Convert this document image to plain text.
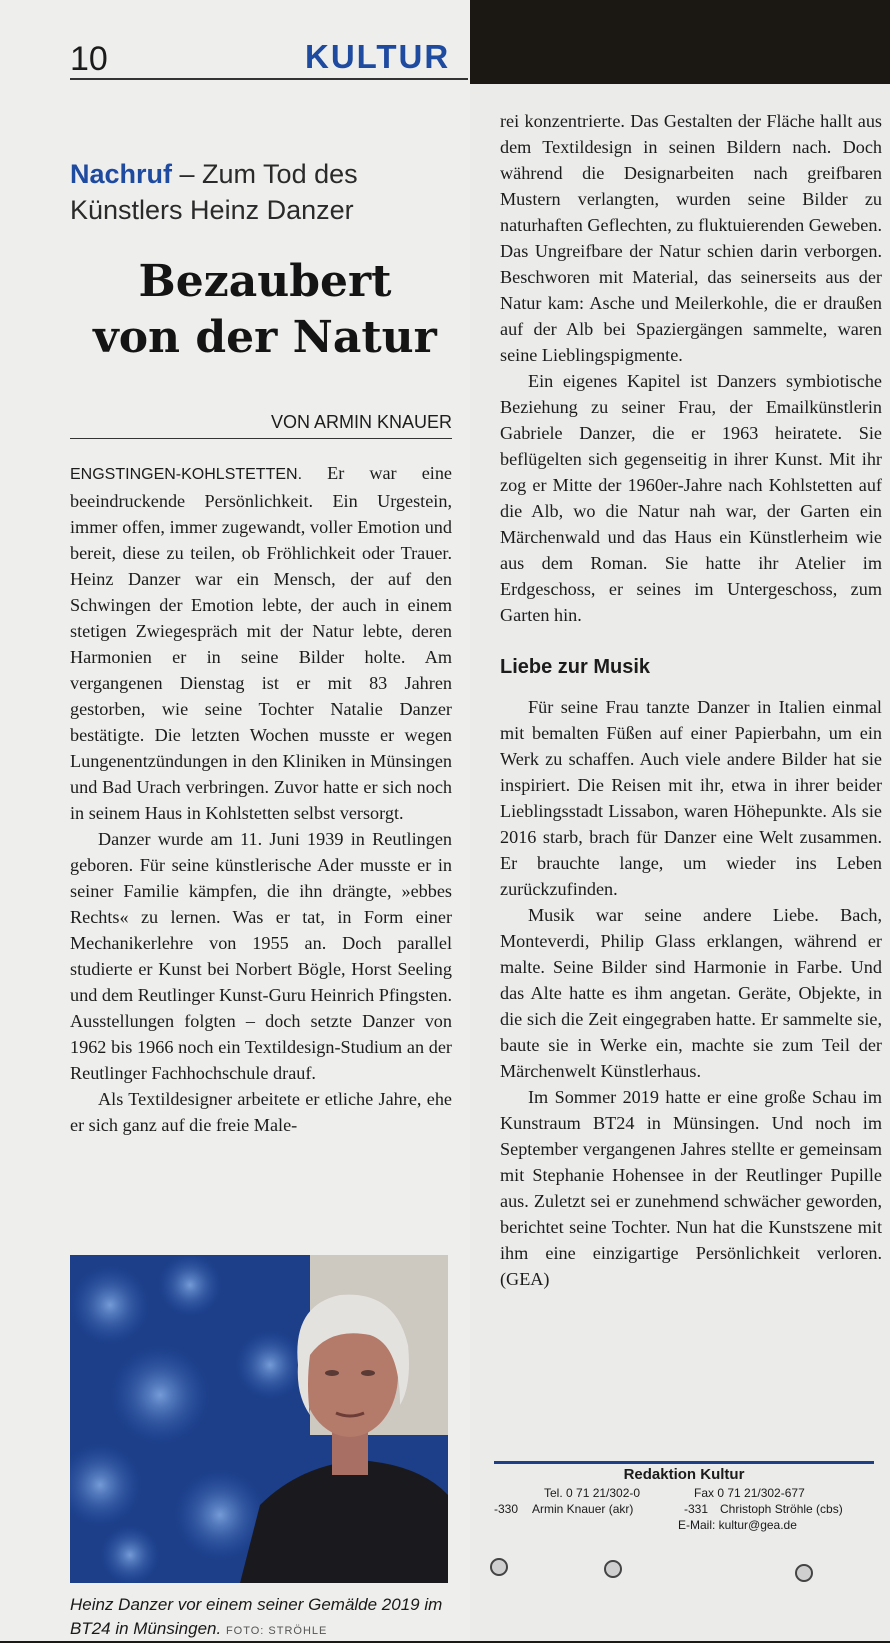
10	KULTUR
Nachruf – Zum Tod des Künstlers Heinz Danzer
Bezaubert
von der Natur
VON ARMIN KNAUER

ENGSTINGEN-KOHLSTETTEN. Er war eine beeindruckende Persönlichkeit. Ein Urgestein, immer offen, immer zugewandt, voller Emotion und bereit, diese zu teilen, ob Fröhlichkeit oder Trauer. Heinz Danzer war ein Mensch, der auf den Schwingen der Emotion lebte, der auch in einem stetigen Zwiegespräch mit der Natur lebte, deren Harmonien er in seine Bilder holte. Am vergangenen Dienstag ist er mit 83 Jahren gestorben, wie seine Tochter Natalie Danzer bestätigte. Die letzten Wochen musste er wegen Lungenentzündungen in den Kliniken in Münsingen und Bad Urach verbringen. Zuvor hatte er sich noch in seinem Haus in Kohlstetten selbst versorgt.

Danzer wurde am 11. Juni 1939 in Reutlingen geboren. Für seine künstlerische Ader musste er in seiner Familie kämpfen, die ihn drängte, »ebbes Rechts« zu lernen. Was er tat, in Form einer Mechanikerlehre von 1955 an. Doch parallel studierte er Kunst bei Norbert Bögle, Horst Seeling und dem Reutlinger Kunst-Guru Heinrich Pfingsten. Ausstellungen folgten – doch setzte Danzer von 1962 bis 1966 noch ein Textildesign-Studium an der Reutlinger Fachhochschule drauf.

Als Textildesigner arbeitete er etliche Jahre, ehe er sich ganz auf die freie Male-

rei konzentrierte. Das Gestalten der Fläche hallt aus dem Textildesign in seinen Bildern nach. Doch während die Designarbeiten nach greifbaren Mustern verlangten, wurden seine Bilder zu naturhaften Geflechten, zu fluktuierenden Geweben. Das Ungreifbare der Natur schien darin verborgen. Beschworen mit Material, das seinerseits aus der Natur kam: Asche und Meilerkohle, die er draußen auf der Alb bei Spaziergängen sammelte, waren seine Lieblingspigmente.

Ein eigenes Kapitel ist Danzers symbiotische Beziehung zu seiner Frau, der Emailkünstlerin Gabriele Danzer, die er 1963 heiratete. Sie beflügelten sich gegenseitig in ihrer Kunst. Mit ihr zog er Mitte der 1960er-Jahre nach Kohlstetten auf die Alb, wo die Natur nah war, der Garten ein Märchenwald und das Haus ein Künstlerheim wie aus dem Roman. Sie hatte ihr Atelier im Erdgeschoss, er seines im Untergeschoss, zum Garten hin.

Liebe zur Musik

Für seine Frau tanzte Danzer in Italien einmal mit bemalten Füßen auf einer Papierbahn, um ein Werk zu schaffen. Auch viele andere Bilder hat sie inspiriert. Die Reisen mit ihr, etwa in ihrer beider Lieblingsstadt Lissabon, waren Höhepunkte. Als sie 2016 starb, brach für Danzer eine Welt zusammen. Er brauchte lange, um wieder ins Leben zurückzufinden.

Musik war seine andere Liebe. Bach, Monteverdi, Philip Glass erklangen, während er malte. Seine Bilder sind Harmonie in Farbe. Und das Alte hatte es ihm angetan. Geräte, Objekte, in die sich die Zeit eingegraben hatte. Er sammelte sie, baute sie in Werke ein, machte sie zum Teil der Märchenwelt Künstlerhaus.

Im Sommer 2019 hatte er eine große Schau im Kunstraum BT24 in Münsingen. Und noch im September vergangenen Jahres stellte er gemeinsam mit Stephanie Hohensee in der Reutlinger Pupille aus. Zuletzt sei er zunehmend schwächer geworden, berichtet seine Tochter. Nun hat die Kunstszene mit ihm eine einzigartige Persönlichkeit verloren. (GEA)

Heinz Danzer vor einem seiner Gemälde 2019 im BT24 in Münsingen. FOTO: STRÖHLE
Redaktion Kultur
Tel. 0 71 21/302-0	Fax 0 71 21/302-677
-330	Armin Knauer (akr)	-331 Christoph Ströhle (cbs)
E-Mail: kultur@gea.de
